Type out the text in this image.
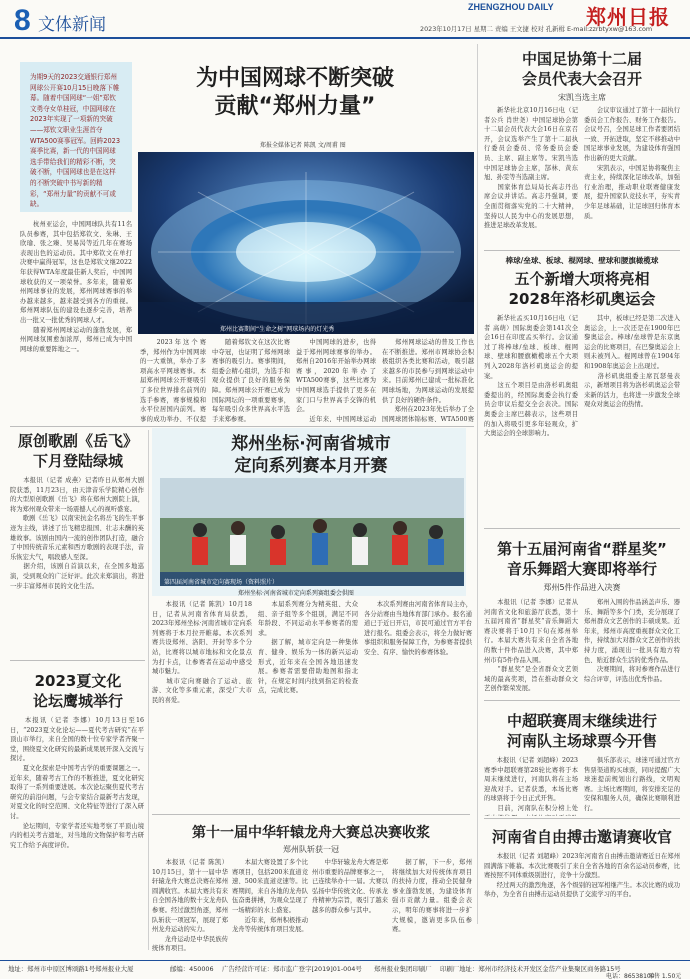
8 文体新闻
ZHENGZHOU DAILY 郑州日报
2023年10月17日 星期二 责编 王文捷 校对 孔新楫 E-mail:zzrbtyxw@163.com
为期9天的2023交通银行郑州网球公开赛10月15日晚落下帷幕。随着中国网球“一姐”郑钦文勇夺女单桂冠，中国网球在2023年实现了一项新的突破——郑钦文职业生涯首夺WTA500赛事冠军。回眸2023赛季比赛，新一代的中国网球选手带给我们的精彩不断，突破不断，中国网球也是在这样的不断突破中书写新的精彩，“郑州力量”的贡献不可或缺。
为中国网球不断突破
贡献“郑州力量”
郑报全媒体记者 陈凯 文/周甫 图
郑州比赛期间“生命之树”网球场内的灯光秀
　　杭州亚运会，中国网球队共有11名队员参赛，其中包括郑钦文、朱琳、王欣瑜、张之臻、吴易昺等近几年在赛场表现出色的运动员。其中郑钦文在单打决赛中赢得冠军，这也是郑钦文继2022年获得WTA年度最佳新人奖后，中国网球收获的又一项荣誉。多年来，随着郑州网球事业的发展，郑州网球赛事的举办越来越多，越来越受到各方的重视。郑州网球队伍的建设也逐步完善，培养出一批又一批优秀的网球人才。
　　随着郑州网球运动的蓬勃发展，郑州网球氛围愈加浓厚，郑州已成为中国网球的重要阵地之一。
　　2023年这个赛季，郑州作为中国网球的一大重镇，举办了多项高水平网球赛事。本届郑州网球公开赛吸引了多位世界排名前列的选手参赛，赛事规模和水平位居国内前列。赛事的成功举办，不仅提

　　随着郑钦文在这次比赛中夺冠，也证明了郑州网球赛事的吸引力。赛事期间，组委会精心组织，为选手和观众提供了良好的服务保障。郑州网球公开赛已成为国际网坛的一项重要赛事，每年吸引众多世界高水平选手来郑参赛。

　　中国网球的进步，也得益于郑州网球赛事的举办。郑州自2016年开始举办网球赛事，2020年举办了WTA500赛事，这些比赛为中国网球选手提供了更多在家门口与世界高手交锋的机会。
　　近年来，中国网球运动
　　郑州网球运动的普及工作也在不断推进。郑州市网球协会积极组织各类比赛和活动，吸引越来越多的市民参与到网球运动中来。目前郑州已建成一批标准化网球场地，为网球运动的发展提供了良好的硬件条件。
　　郑州在2023年先后举办了全国网球团体锦标赛、WTA500赛
中国足协第十二届
会员代表大会召开
宋凯当选主席
　　新华社北京10月16日电（记者公兵 肖世尧）中国足球协会第十二届会员代表大会16日在京召开，会议选举产生了第十二届执行委员会委员、常务委员会委员、主席、副主席等。宋凯当选中国足球协会主席，郜林、黄东旭、孙雯等当选副主席。
　　国家体育总局局长高志丹出席会议并讲话。高志丹强调，要全面贯彻落实党的二十大精神，坚持以人民为中心的发展思想，推进足球改革发展。
　　会议审议通过了第十一届执行委员会工作报告、财务工作报告。会议号召，全国足球工作者要团结一致、开拓进取，坚定不移推动中国足球事业发展，为建设体育强国作出新的更大贡献。
　　宋凯表示，中国足协将聚焦主责主业，持续深化足球改革，加强行业治理，推动职业联赛健康发展，提升国家队竞技水平，夯实青少年足球基础，让足球回归体育本质。
棒球/垒球、板球、棍网球、壁球和腰旗橄榄球
五个新增大项将亮相
2028年洛杉矶奥运会
　　新华社孟买10月16日电（记者 高萌）国际奥委会第141次全会16日在印度孟买举行。会议通过了将棒球/垒球、板球、棍网球、壁球和腰旗橄榄球五个大项列入2028年洛杉矶奥运会的提案。
　　这五个项目是由洛杉矶奥组委提出的，经国际奥委会执行委员会审议后提交全会表决。国际奥委会主席巴赫表示，这些项目的加入将吸引更多年轻观众，扩大奥运会的全球影响力。
　　其中，板球已经是第二次进入奥运会，上一次还是在1900年巴黎奥运会。棒球/垒球曾是东京奥运会的比赛项目，在巴黎奥运会上则未被列入。棍网球曾在1904年和1908年奥运会上出现过。
　　洛杉矶奥组委主席瓦瑟曼表示，新增项目将为洛杉矶奥运会带来新的活力，也将进一步激发全球观众对奥运会的热情。
原创歌剧《岳飞》
下月登陆绿城
　　本报讯（记者 成燕）记者昨日从郑州大剧院获悉，11月23日，由天津音乐学院精心创作的大型原创歌剧《岳飞》将在郑州大剧院上演，将为郑州观众带来一场震撼人心的视听盛宴。
　　歌剧《岳飞》以南宋抗金名将岳飞的生平事迹为主线，讲述了岳飞精忠报国、壮志未酬的英雄故事。该剧由国内一流的创作团队打造，融合了中国传统音乐元素和西方歌剧的表现手法，音乐恢宏大气，唱段感人至深。
　　据介绍，该剧自首演以来，在全国多地巡演，受到观众的广泛好评。此次来郑演出，将进一步丰富郑州市民的文化生活。
2023夏文化
论坛鹰城举行
　　本报讯（记者 李娜）10月13日至16日，“2023夏文化论坛——夏代考古研究”在平顶山市举行，来自全国的数十位专家学者齐聚一堂，围绕夏文化研究的最新成果展开深入交流与探讨。
　　夏文化探索是中国考古学的重要课题之一。近年来，随着考古工作的不断推进，夏文化研究取得了一系列重要进展。本次论坛聚焦夏代考古研究的前沿问题，与会专家结合最新考古发现，对夏文化的时空范围、文化特征等进行了深入研讨。
　　论坛期间，专家学者还实地考察了平顶山境内的相关考古遗址，对当地的文物保护和考古研究工作给予高度评价。
郑州坐标·河南省城市
定向系列赛本月开赛
第四届河南省城市定向赛现场（资料照片）
郑州坐标·河南省城市定向系列赛组委会供图
　　本报讯（记者 陈凯）10月18日，记者从河南省体育局获悉，2023年郑州坐标·河南省城市定向系列赛将于本月拉开帷幕。本次系列赛共设郑州、洛阳、开封等多个分站，比赛将以城市地标和文化景点为打卡点，让参赛者在运动中感受城市魅力。
　　城市定向赛融合了运动、旅游、文化等多重元素，深受广大市民的喜爱。
　　本届系列赛分为精英组、大众组、亲子组等多个组别，满足不同年龄段、不同运动水平参赛者的需求。
　　据了解，城市定向是一种集体育、健身、娱乐为一体的新兴运动形式，近年来在全国各地迅速发展。参赛者需要借助地图和指北针，在规定时间内找到指定的检查点，完成比赛。
　　本次系列赛由河南省体育局主办，各分站赛由当地体育部门承办。报名通道已于近日开启，市民可通过官方平台进行报名。组委会表示，将全力做好赛事组织和服务保障工作，为参赛者提供安全、有序、愉快的参赛体验。
第十五届河南省“群星奖”
音乐舞蹈大赛即将举行
郑州5件作品进入决赛
　　本报讯（记者 李娜）记者从河南省文化和旅游厅获悉，第十五届河南省“群星奖”音乐舞蹈大赛决赛将于10月下旬在郑州举行。本届大赛共有来自全省各地的数十件作品进入决赛，其中郑州市有5件作品入围。
　　“群星奖”是全省群众文艺领域的最高奖项，旨在推动群众文艺创作繁荣发展。
　　郑州入围的作品涵盖声乐、器乐、舞蹈等多个门类，充分展现了郑州群众文艺创作的丰硕成果。近年来，郑州市高度重视群众文化工作，持续加大对群众文艺创作的扶持力度，涌现出一批具有地方特色、贴近群众生活的优秀作品。
　　决赛期间，将对参赛作品进行综合评审，评选出优秀作品。
中超联赛周末继续进行
河南队主场球票今开售
　　本报讯（记者 刘超峰）2023赛季中超联赛第28轮比赛将于本周末继续进行，河南队将在主场迎战对手。记者获悉，本场比赛的球票将于今日正式开售。
　　目前，河南队在积分榜上处
　　俱乐部表示，球迷可通过官方售票渠道购买球票，同时提醒广大球迷提前规划出行路线，文明观赛。主场比赛期间，将安排充足的安保和服务人员，确保比赛顺利进行。
河南省自由搏击邀请赛收官
　　本报讯（记者 刘超峰）2023年河南省自由搏击邀请赛近日在郑州圆满落下帷幕。本次比赛吸引了来自全省各地的百余名运动员参赛，比赛按照不同体重级别进行，竞争十分激烈。
　　经过两天的激烈角逐，各个级别的冠军相继产生。本次比赛的成功举办，为全省自由搏击运动员提供了交流学习的平台。
第十一届中华轩辕龙舟大赛总决赛收浆
郑州队斩获一冠
　　本报讯（记者 陈凯）10月15日，第十一届中华轩辕龙舟大赛总决赛在郑州圆满收官。本届大赛共有来自全国各地的数十支龙舟队参赛。经过激烈角逐，郑州队斩获一项冠军，展现了郑州龙舟运动的实力。
　　龙舟运动是中华民族传统体育项目。
　　本届大赛设置了多个比赛项目，包括200米直道竞速、500米直道竞速等。比赛期间，来自各地的龙舟队伍奋勇拼搏，为观众呈现了一场精彩的水上盛宴。
　　近年来，郑州积极推动龙舟等传统体育项目发展。
　　中华轩辕龙舟大赛是郑州市重要的品牌赛事之一，已连续举办十一届。大赛以弘扬中华传统文化、传承龙舟精神为宗旨，吸引了越来越多的群众参与其中。
　　据了解，下一步，郑州将继续加大对传统体育项目的扶持力度，推动全民健身事业蓬勃发展，为建设体育强市贡献力量。组委会表示，明年的赛事将进一步扩大规模，邀请更多队伍参赛。
地址：郑州市中原区博颂路1号郑州报业大厦	邮编：450006 广告经营许可证：郑市监广登字[2019]01-004号 郑州报业集团印刷厂 印刷厂地址：郑州市经济技术开发区金岱产业集聚区商务路15号
电话：86538100
零售 1.50元
